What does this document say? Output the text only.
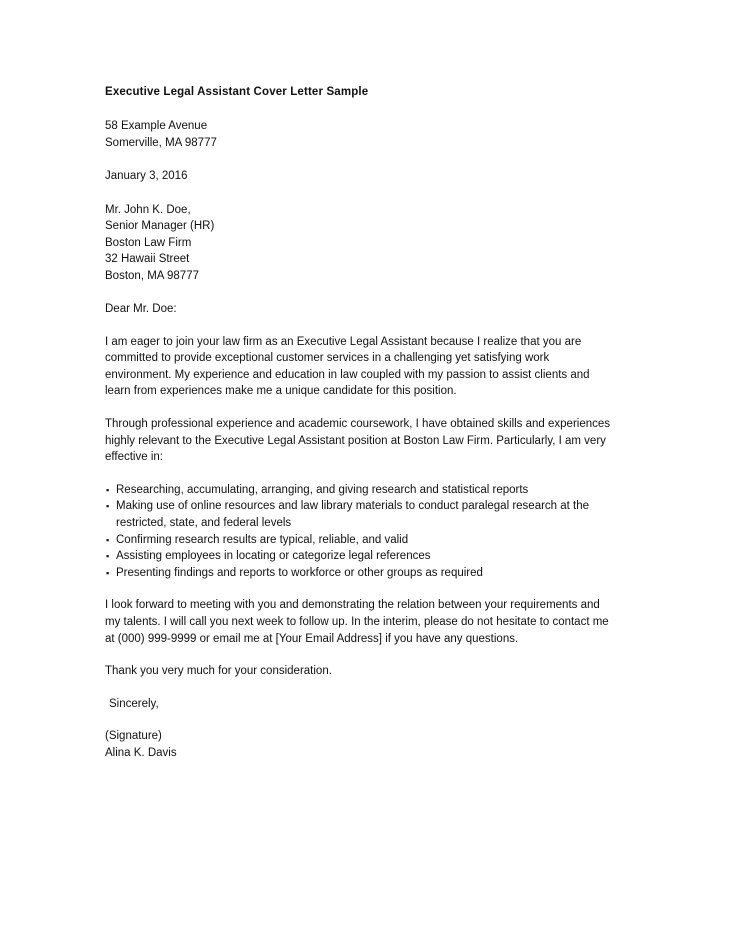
Executive Legal Assistant Cover Letter Sample
58 Example Avenue
Somerville, MA 98777
January 3, 2016
Mr. John K. Doe,
Senior Manager (HR)
Boston Law Firm
32 Hawaii Street
Boston, MA 98777

Dear Mr. Doe:

I am eager to join your law firm as an Executive Legal Assistant because I realize that you are committed to provide exceptional customer services in a challenging yet satisfying work environment. My experience and education in law coupled with my passion to assist clients and learn from experiences make me a unique candidate for this position.

Through professional experience and academic coursework, I have obtained skills and experiences highly relevant to the Executive Legal Assistant position at Boston Law Firm. Particularly, I am very effective in:

▪ Researching, accumulating, arranging, and giving research and statistical reports
▪ Making use of online resources and law library materials to conduct paralegal research at the restricted, state, and federal levels
▪ Confirming research results are typical, reliable, and valid
▪ Assisting employees in locating or categorize legal references
▪ Presenting findings and reports to workforce or other groups as required

I look forward to meeting with you and demonstrating the relation between your requirements and my talents. I will call you next week to follow up. In the interim, please do not hesitate to contact me at (000) 999-9999 or email me at [Your Email Address] if you have any questions.

Thank you very much for your consideration.

Sincerely,

(Signature)
Alina K. Davis
